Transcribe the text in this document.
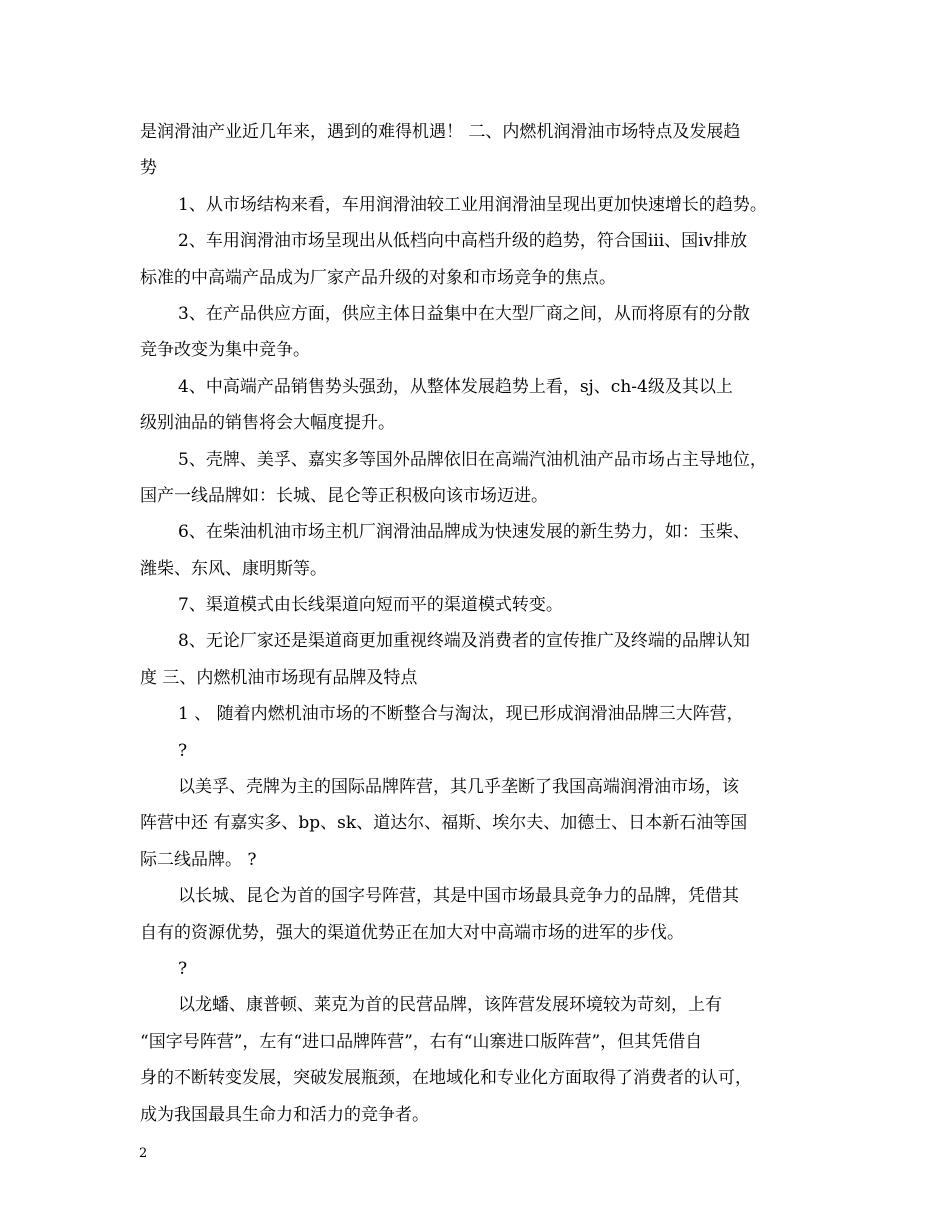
是润滑油产业近几年来，遇到的难得机遇！ 二、内燃机润滑油市场特点及发展趋
势
1、从市场结构来看，车用润滑油较工业用润滑油呈现出更加快速增长的趋势。
2、车用润滑油市场呈现出从低档向中高档升级的趋势，符合国ⅲ、国ⅳ排放
标准的中高端产品成为厂家产品升级的对象和市场竞争的焦点。
3、在产品供应方面，供应主体日益集中在大型厂商之间，从而将原有的分散
竞争改变为集中竞争。
4、中高端产品销售势头强劲，从整体发展趋势上看，sj、ch-4级及其以上
级别油品的销售将会大幅度提升。
5、壳牌、美孚、嘉实多等国外品牌依旧在高端汽油机油产品市场占主导地位，
国产一线品牌如：长城、昆仑等正积极向该市场迈进。
6、在柴油机油市场主机厂润滑油品牌成为快速发展的新生势力，如：玉柴、
潍柴、东风、康明斯等。
7、渠道模式由长线渠道向短而平的渠道模式转变。
8、无论厂家还是渠道商更加重视终端及消费者的宣传推广及终端的品牌认知
度 三、内燃机油市场现有品牌及特点
1 、 随着内燃机油市场的不断整合与淘汰，现已形成润滑油品牌三大阵营，
?
以美孚、壳牌为主的国际品牌阵营，其几乎垄断了我国高端润滑油市场，该
阵营中还 有嘉实多、bp、sk、道达尔、福斯、埃尔夫、加德士、日本新石油等国
际二线品牌。 ?
以长城、昆仑为首的国字号阵营，其是中国市场最具竞争力的品牌，凭借其
自有的资源优势，强大的渠道优势正在加大对中高端市场的进军的步伐。
?
以龙蟠、康普顿、莱克为首的民营品牌，该阵营发展环境较为苛刻，上有
“国字号阵营”，左有“进口品牌阵营”，右有“山寨进口版阵营”，但其凭借自
身的不断转变发展，突破发展瓶颈，在地域化和专业化方面取得了消费者的认可，
成为我国最具生命力和活力的竞争者。
2
